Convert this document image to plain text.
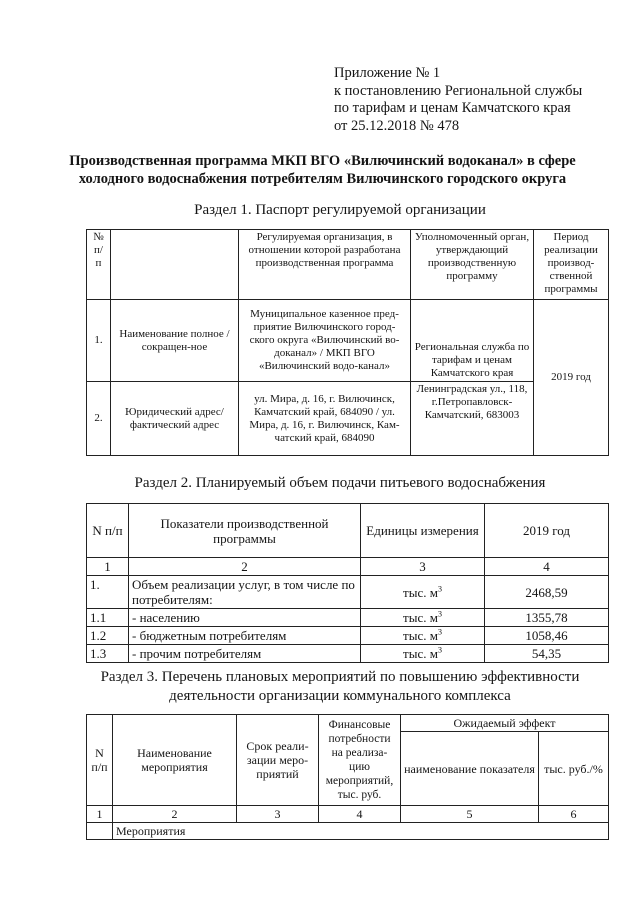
Приложение № 1
к постановлению Региональной службы
по тарифам и ценам Камчатского края
от 25.12.2018 № 478
Производственная программа МКП ВГО «Вилючинский водоканал» в сфере
холодного водоснабжения потребителям Вилючинского городского округа
Раздел 1. Паспорт регулируемой организации
№ п/ п		Регулируемая организация, в отношении которой разработана производственная программа	Уполномоченный орган, утверждающий производственную программу	Период реализации производ-ственной программы
1.	Наименование полное / сокращен-ное	Муниципальное казенное пред-приятие Вилючинского город-ского округа «Вилючинский во-доканал» / МКП ВГО «Вилючинский водо-канал»	Региональная служба по тарифам и ценам Камчатского края	2019 год
2.	Юридический адрес/фактический адрес	ул. Мира, д. 16, г. Вилючинск, Камчатский край, 684090 / ул. Мира, д. 16, г. Вилючинск, Кам-чатский край, 684090	Ленинградская ул., 118, г.Петропавловск-Камчатский, 683003	
Раздел 2. Планируемый объем подачи питьевого водоснабжения
N п/п	Показатели производственной программы	Единицы измерения	2019 год
1	2	3	4
1.	Объем реализации услуг, в том числе по потребителям:	тыс. $м^3$	2468,59
1.1	- населению	тыс. $м^3$	1355,78
1.2	- бюджетным потребителям	тыс. $м^3$	1058,46
1.3	- прочим потребителям	тыс. $м^3$	54,35
Раздел 3. Перечень плановых мероприятий по повышению эффективности
деятельности организации коммунального комплекса
N п/п	Наименование мероприятия	Срок реали-зации меро-приятий	Финансовые потребности на реализа-цию мероприятий, тыс. руб.	Ожидаемый эффект	
				наименование показателя	тыс. руб./%
1	2	3	4	5	6
	Мероприятия				
